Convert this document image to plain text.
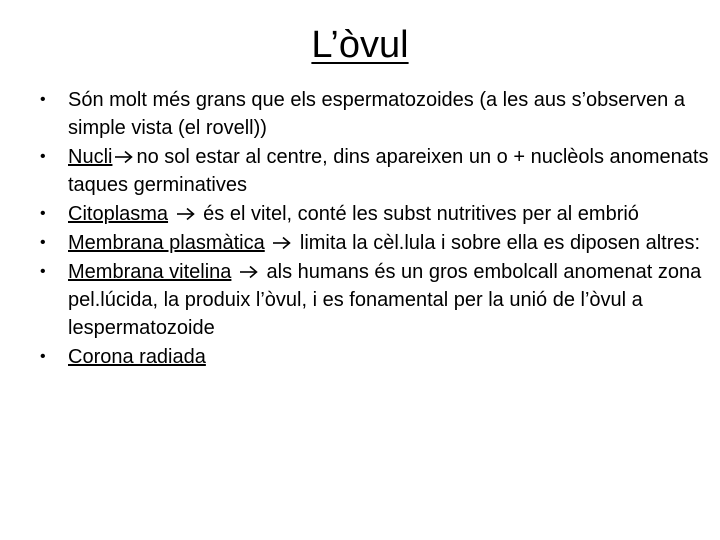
L’òvul
•	Són molt més grans que els espermatozoides (a les aus s’observen a simple vista (el rovell))
•	Nucli no sol estar al centre, dins apareixen un o + nuclèols anomenats taques germinatives
•	Citoplasma és el vitel, conté les subst nutritives per al embrió
•	Membrana plasmàtica limita la cèl.lula i sobre ella es diposen altres:
•	Membrana vitelina als humans és un gros embolcall anomenat zona pel.lúcida, la produix l’òvul, i es fonamental per la unió de l’òvul a lespermatozoide
•	Corona radiada
